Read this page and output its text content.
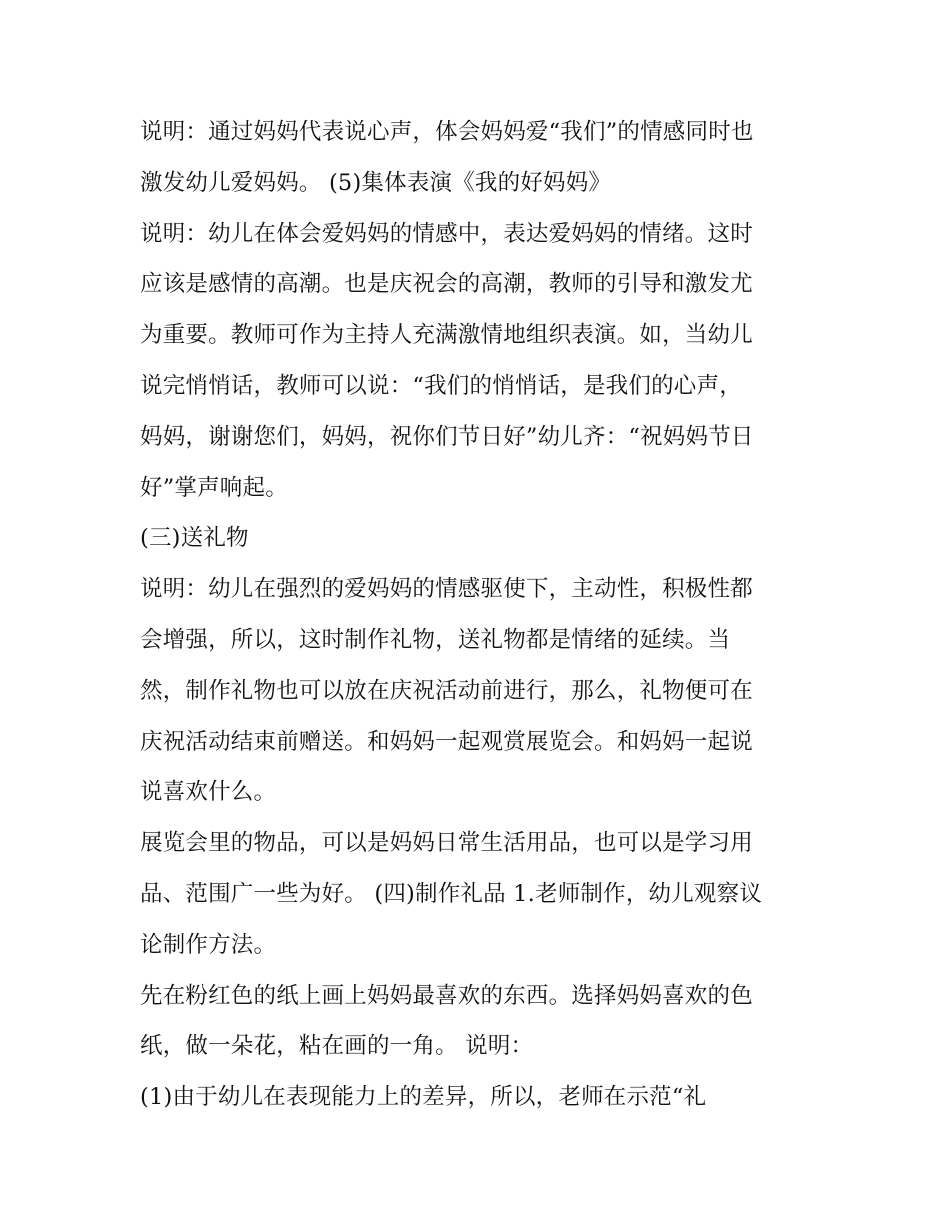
说明：通过妈妈代表说心声，体会妈妈爱“我们”的情感同时也
激发幼儿爱妈妈。 (5)集体表演《我的好妈妈》
说明：幼儿在体会爱妈妈的情感中，表达爱妈妈的情绪。这时
应该是感情的高潮。也是庆祝会的高潮，教师的引导和激发尤
为重要。教师可作为主持人充满激情地组织表演。如，当幼儿
说完悄悄话，教师可以说：“我们的悄悄话，是我们的心声，
妈妈，谢谢您们，妈妈，祝你们节日好”幼儿齐：“祝妈妈节日
好”掌声响起。
(三)送礼物
说明：幼儿在强烈的爱妈妈的情感驱使下，主动性，积极性都
会增强，所以，这时制作礼物，送礼物都是情绪的延续。当
然，制作礼物也可以放在庆祝活动前进行，那么，礼物便可在
庆祝活动结束前赠送。和妈妈一起观赏展览会。和妈妈一起说
说喜欢什么。
展览会里的物品，可以是妈妈日常生活用品，也可以是学习用
品、范围广一些为好。 (四)制作礼品 1.老师制作，幼儿观察议
论制作方法。
先在粉红色的纸上画上妈妈最喜欢的东西。选择妈妈喜欢的色
纸，做一朵花，粘在画的一角。 说明：
(1)由于幼儿在表现能力上的差异，所以，老师在示范“礼
